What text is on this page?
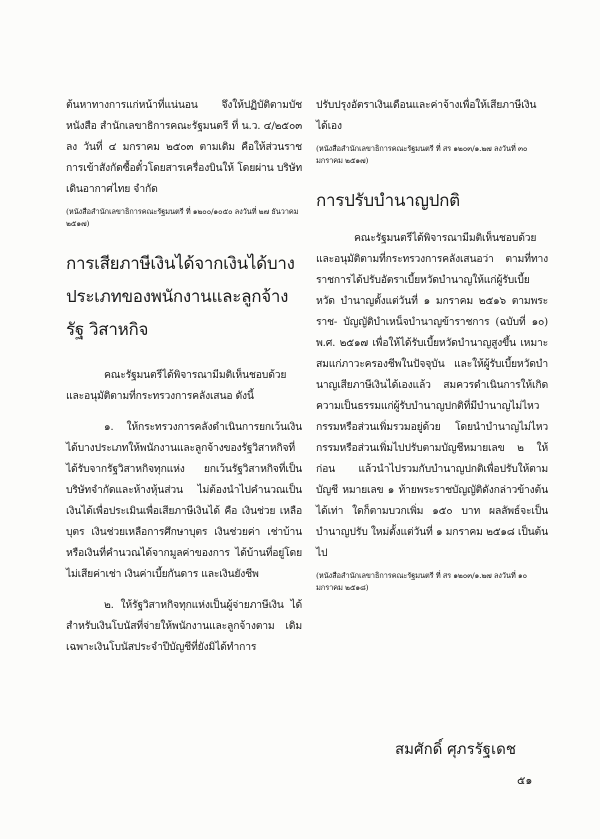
ต้นหาทางการแก่หน้าที่แน่นอน จึงให้ปฏิบัติตามบัชหนังสือ สำนักเลขาธิการคณะรัฐมนตรี ที่ น.ว. ๔/๒๕๐๓ ลง วันที่ ๔ มกราคม ๒๕๐๓ ตามเดิม คือให้ส่วนราช การเข้าสังกัดซื้อตั๋วโดยสารเครื่องบินให้ โดยผ่าน บริษัทเดินอากาศไทย จำกัด

(หนังสือสำนักเลขาธิการคณะรัฐมนตรี ที่ ๑๒๐๐/๑๐๕๐ ลงวันที่ ๒๗ ธันวาคม ๒๕๑๗)

การเสียภาษีเงินได้จากเงินได้บาง ประเภทของพนักงานและลูกจ้างรัฐ วิสาหกิจ

คณะรัฐมนตรีได้พิจารณามีมติเห็นชอบด้วย และอนุมัติตามที่กระทรวงการคลังเสนอ ดังนี้

๑. ให้กระทรวงการคลังดำเนินการยกเว้นเงิน ได้บางประเภทให้พนักงานและลูกจ้างของรัฐวิสาหกิจที่ ได้รับจากรัฐวิสาหกิจทุกแห่ง ยกเว้นรัฐวิสาหกิจที่เป็น บริษัทจำกัดและห้างหุ้นส่วน ไม่ต้องนำไปคำนวณเป็น เงินได้เพื่อประเมินเพื่อเสียภาษีเงินได้ คือ เงินช่วย เหลือบุตร เงินช่วยเหลือการศึกษาบุตร เงินช่วยค่า เช่าบ้านหรือเงินที่คำนวณได้จากมูลค่าของการ ได้บ้านที่อยู่โดยไม่เสียค่าเช่า เงินค่าเบี้ยกันดาร และเงินยังชีพ

๒. ให้รัฐวิสาหกิจทุกแห่งเป็นผู้จ่ายภาษีเงิน ได้สำหรับเงินโบนัสที่จ่ายให้พนักงานและลูกจ้างตาม เดิม เฉพาะเงินโบนัสประจำปีบัญชีที่ยังมิได้ทำการ

ปรับปรุงอัตราเงินเดือนและค่าจ้างเพื่อให้เสียภาษีเงิน ได้เอง

(หนังสือสำนักเลขาธิการคณะรัฐมนตรี ที่ สร ๑๒๐๓/๑.๒๗ ลงวันที่ ๓๐ มกราคม ๒๕๑๗)

การปรับบำนาญปกติ

คณะรัฐมนตรีได้พิจารณามีมติเห็นชอบด้วย และอนุมัติตามที่กระทรวงการคลังเสนอว่า ตามที่ทาง ราชการได้ปรับอัตราเบี้ยหวัดบำนาญให้แก่ผู้รับเบี้ยหวัด บำนาญตั้งแต่วันที่ ๑ มกราคม ๒๕๑๖ ตามพระราช- บัญญัติบำเหน็จบำนาญข้าราชการ (ฉบับที่ ๑๐) พ.ศ. ๒๕๑๗ เพื่อให้ได้รับเบี้ยหวัดบำนาญสูงขึ้น เหมาะ สมแก่ภาวะครองชีพในปัจจุบัน และให้ผู้รับเบี้ยหวัดบำ นาญเสียภาษีเงินได้เองแล้ว สมควรดำเนินการให้เกิด ความเป็นธรรมแก่ผู้รับบำนาญปกติที่มีบำนาญไม่ไหว กรรมหรือส่วนเพิ่มรวมอยู่ด้วย โดยนำบำนาญไม่ไหว กรรมหรือส่วนเพิ่มไปปรับตามบัญชีหมายเลข ๒ ให้ ก่อน แล้วนำไปรวมกับบำนาญปกติเพื่อปรับให้ตามบัญชี หมายเลข ๑ ท้ายพระราชบัญญัติดังกล่าวข้างต้นได้เท่า ใดก็ตามบวกเพิ่ม ๑๕๐ บาท ผลลัพธ์จะเป็นบำนาญปรับ ใหม่ตั้งแต่วันที่ ๑ มกราคม ๒๕๑๘ เป็นต้นไป

(หนังสือสำนักเลขาธิการคณะรัฐมนตรี ที่ สร ๑๒๐๓/๑.๒๗ ลงวันที่ ๑๐ มกราคม ๒๕๑๘)

สมศักดิ์ ศุภรรัฐเดช
๕๑
